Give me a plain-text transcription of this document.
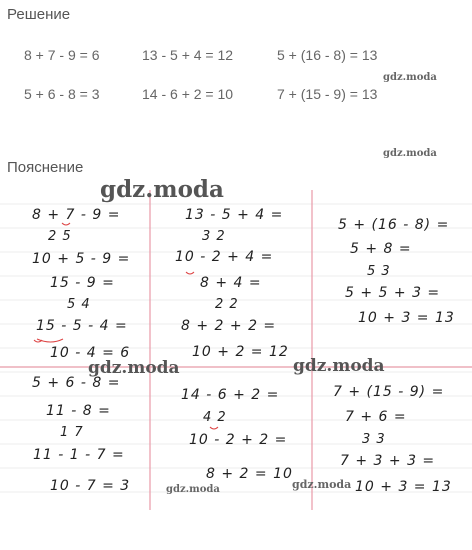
Решение
8 + 7 - 9 = 6	13 - 5 + 4 = 12	5 + (16 - 8) = 13
5 + 6 - 8 = 3	14 - 6 + 2 = 10	7 + (15 - 9) = 13
gdz.moda
gdz.moda
Пояснение
gdz.moda
gdz.moda	gdz.moda
gdz.moda	gdz.moda
8 + 7 - 9 =
2 5
10 + 5 - 9 =
15 - 9 =
5 4
15 - 5 - 4 =
10 - 4 = 6
5 + 6 - 8 =
11 - 8 =
1 7
11 - 1 - 7 =
10 - 7 = 3
13 - 5 + 4 =
3 2
10 - 2 + 4 =
8 + 4 =
2 2
8 + 2 + 2 =
10 + 2 = 12
14 - 6 + 2 =
4 2
10 - 2 + 2 =
8 + 2 = 10
5 + (16 - 8) =
5 + 8 =
5 3
5 + 5 + 3 =
10 + 3 = 13
7 + (15 - 9) =
7 + 6 =
3 3
7 + 3 + 3 =
10 + 3 = 13
